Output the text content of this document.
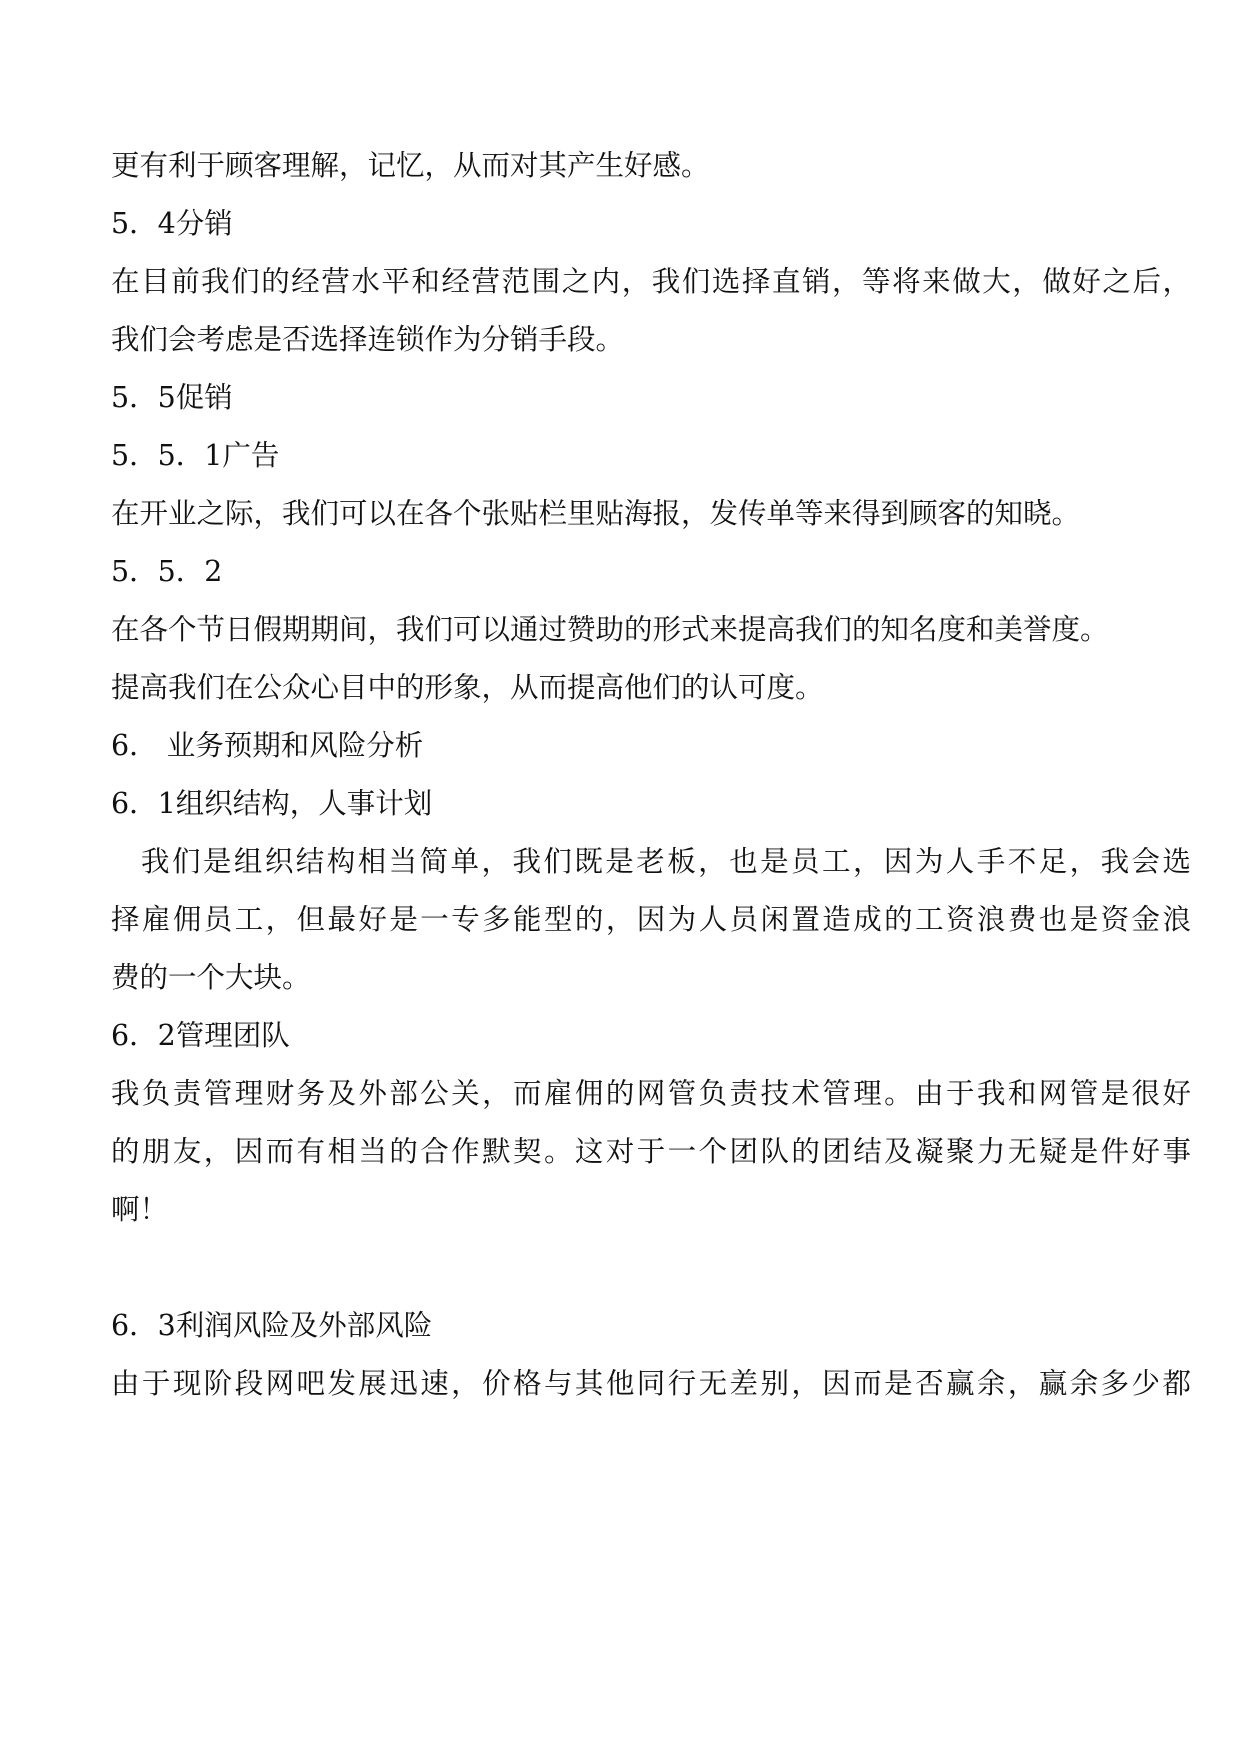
更有利于顾客理解，记忆，从而对其产生好感。
5．4分销
在目前我们的经营水平和经营范围之内，我们选择直销，等将来做大，做好之后，
我们会考虑是否选择连锁作为分销手段。
5．5促销
5．5．1广告
在开业之际，我们可以在各个张贴栏里贴海报，发传单等来得到顾客的知晓。
5．5．2
在各个节日假期期间，我们可以通过赞助的形式来提高我们的知名度和美誉度。
提高我们在公众心目中的形象，从而提高他们的认可度。
6． 业务预期和风险分析
6．1组织结构，人事计划
我们是组织结构相当简单，我们既是老板，也是员工，因为人手不足，我会选
择雇佣员工，但最好是一专多能型的，因为人员闲置造成的工资浪费也是资金浪
费的一个大块。
6．2管理团队
我负责管理财务及外部公关，而雇佣的网管负责技术管理。由于我和网管是很好
的朋友，因而有相当的合作默契。这对于一个团队的团结及凝聚力无疑是件好事
啊！
6．3利润风险及外部风险
由于现阶段网吧发展迅速，价格与其他同行无差别，因而是否赢余，赢余多少都
